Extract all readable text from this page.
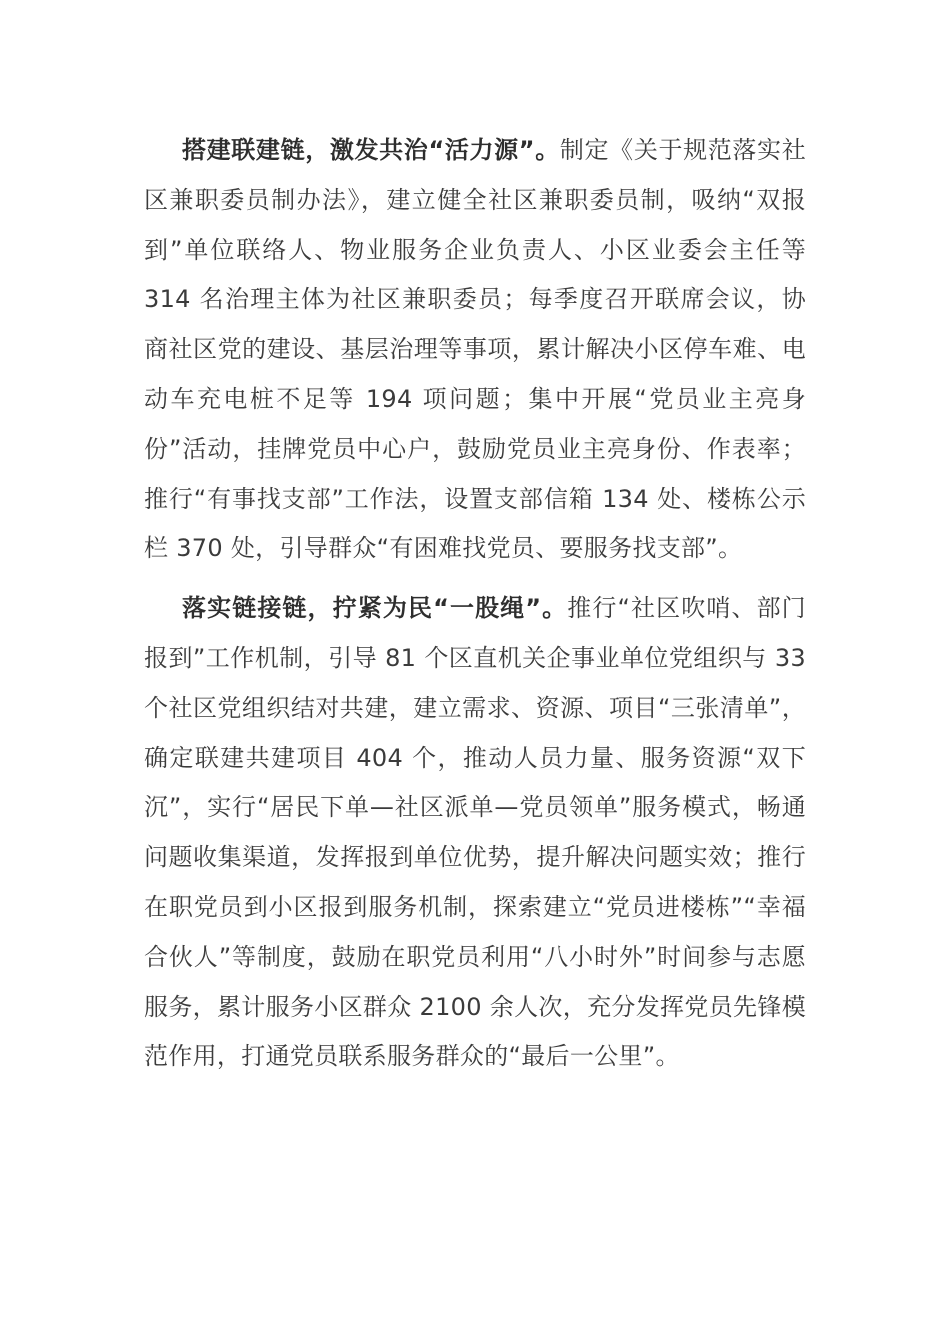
搭建联建链，激发共治“活力源”。制定《关于规范落实社区兼职委员制办法》，建立健全社区兼职委员制，吸纳“双报到”单位联络人、物业服务企业负责人、小区业委会主任等 314 名治理主体为社区兼职委员；每季度召开联席会议，协商社区党的建设、基层治理等事项，累计解决小区停车难、电动车充电桩不足等 194 项问题；集中开展“党员业主亮身份”活动，挂牌党员中心户，鼓励党员业主亮身份、作表率；推行“有事找支部”工作法，设置支部信箱 134 处、楼栋公示栏 370 处，引导群众“有困难找党员、要服务找支部”。

落实链接链，拧紧为民“一股绳”。推行“社区吹哨、部门报到”工作机制，引导 81 个区直机关企事业单位党组织与 33 个社区党组织结对共建，建立需求、资源、项目“三张清单”，确定联建共建项目 404 个，推动人员力量、服务资源“双下沉”，实行“居民下单—社区派单—党员领单”服务模式，畅通问题收集渠道，发挥报到单位优势，提升解决问题实效；推行在职党员到小区报到服务机制，探索建立“党员进楼栋”“幸福合伙人”等制度，鼓励在职党员利用“八小时外”时间参与志愿服务，累计服务小区群众 2100 余人次，充分发挥党员先锋模范作用，打通党员联系服务群众的“最后一公里”。
